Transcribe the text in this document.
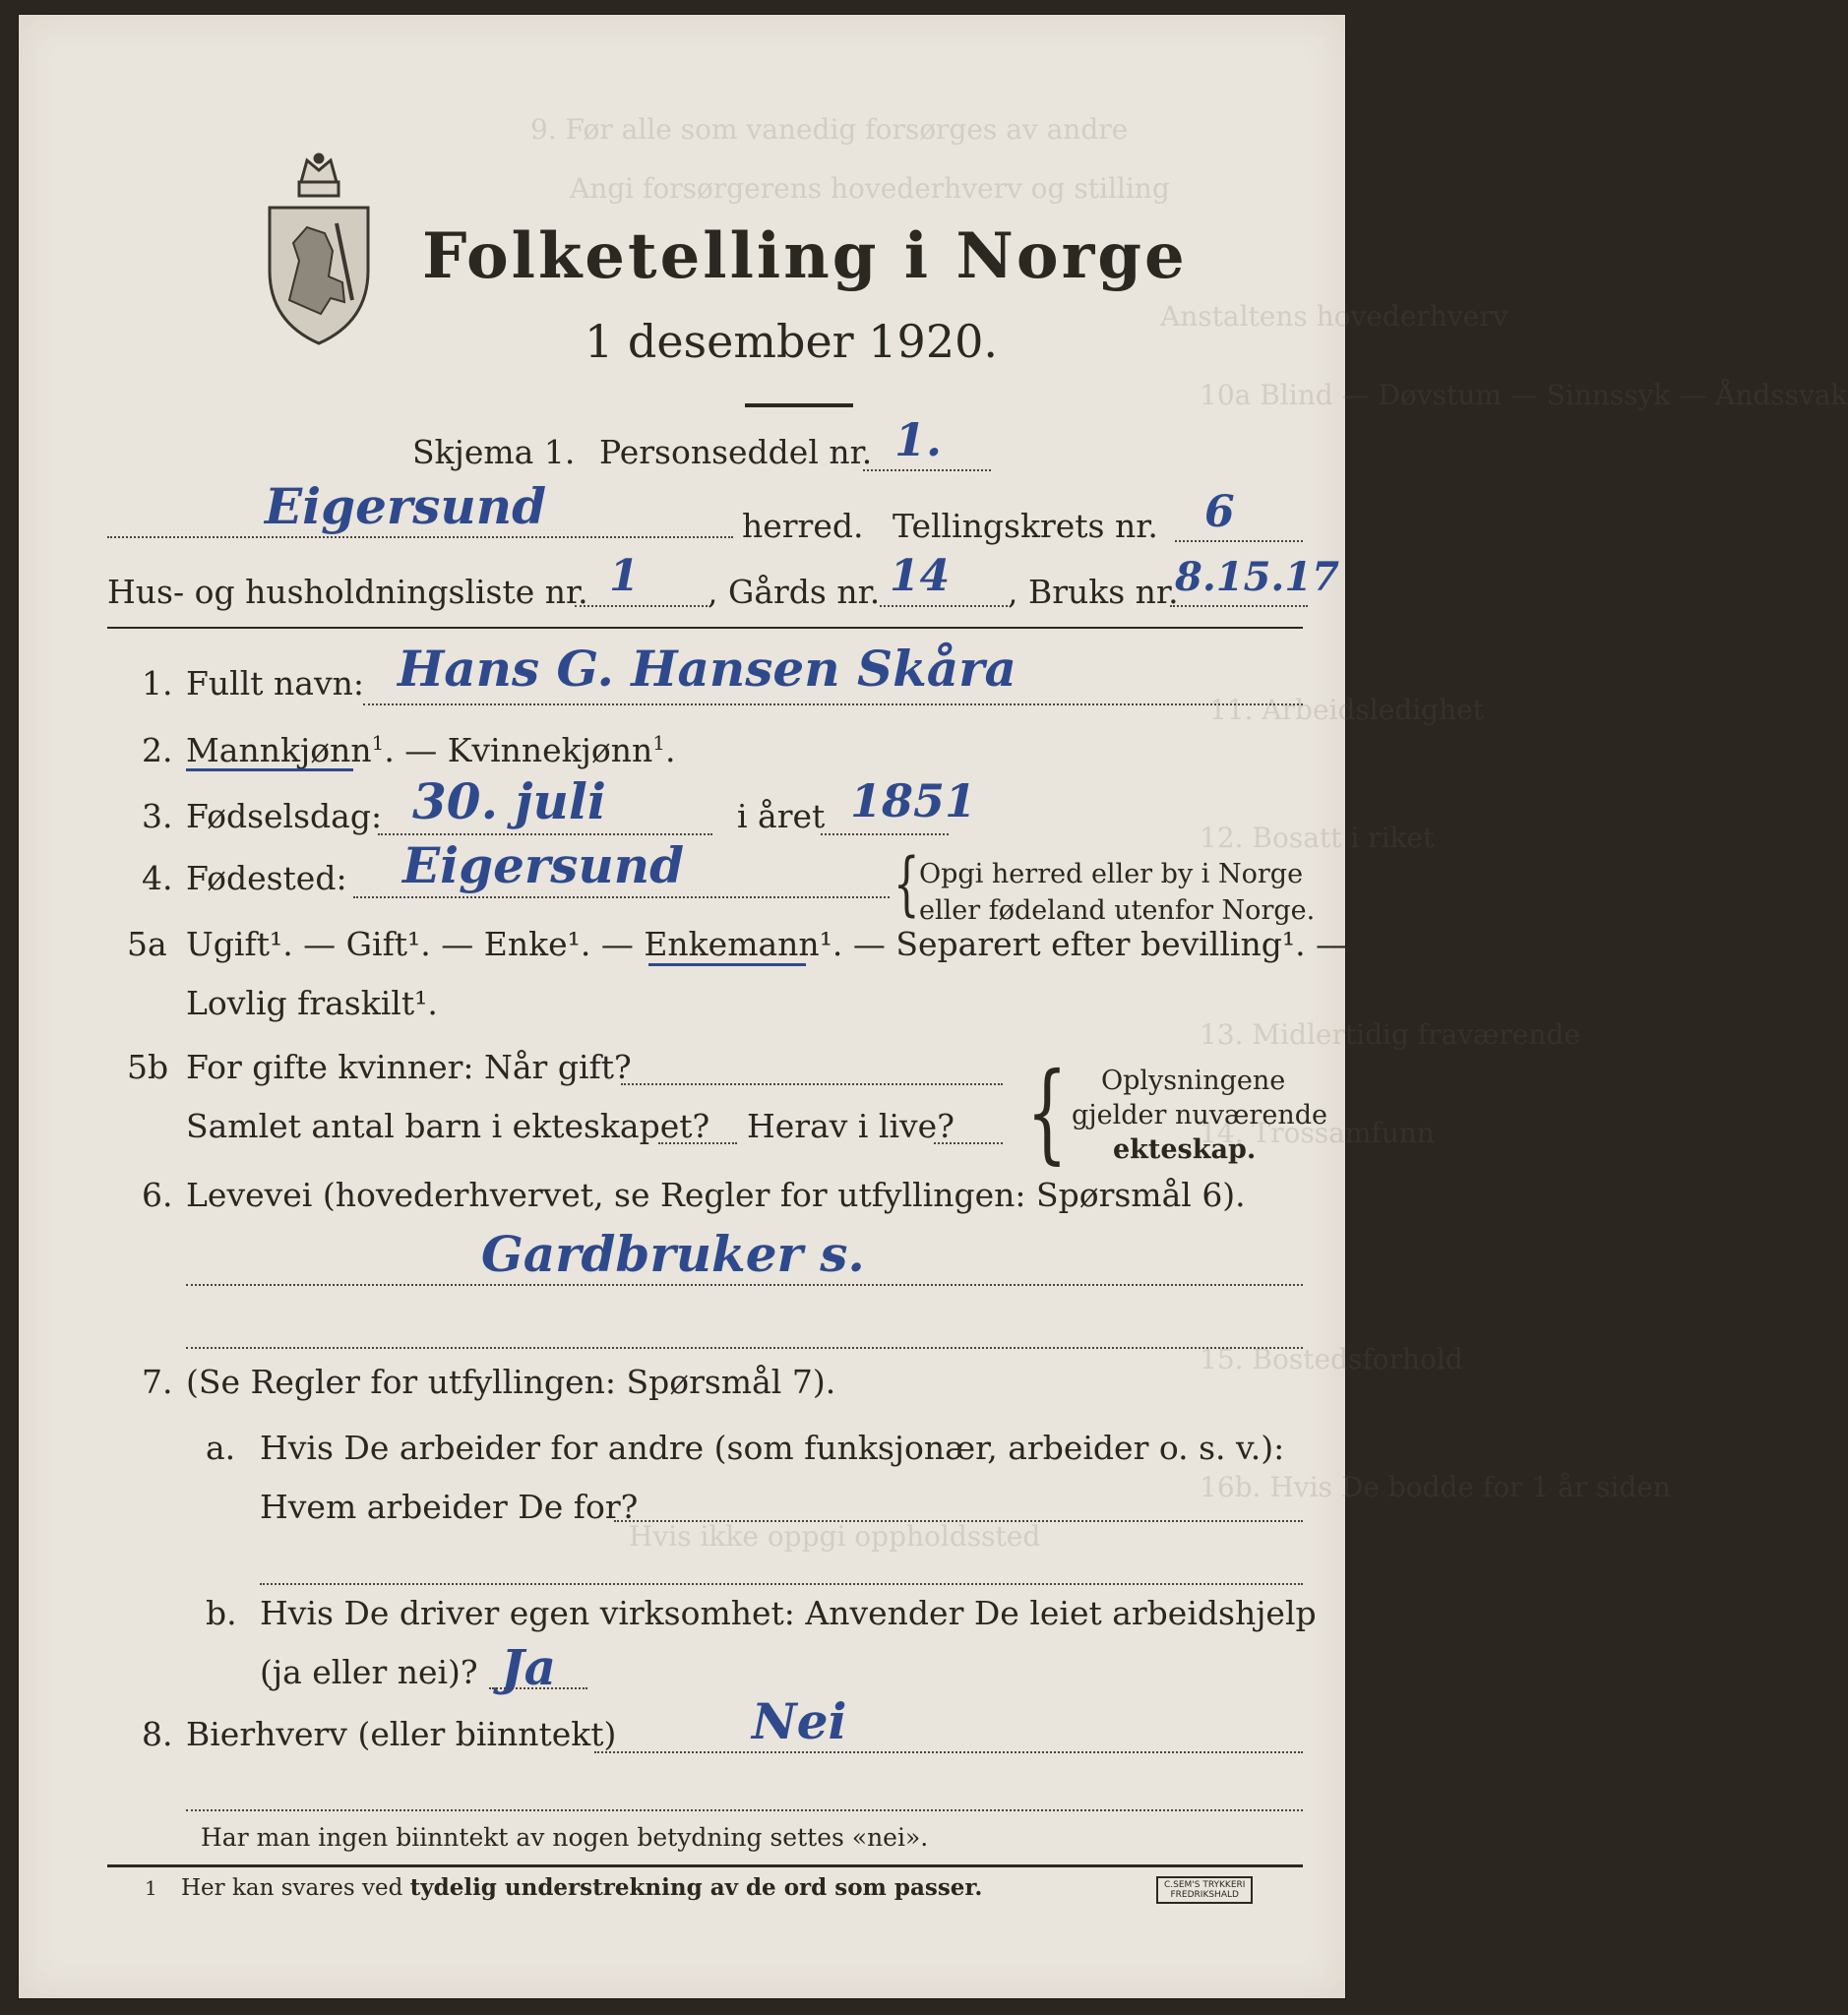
9. Før alle som vanedig forsørges av andre
Angi forsørgerens hovederhverv og stilling
Anstaltens hovederhverv
10a Blind — Døvstum — Sinnssyk — Åndssvak
11. Arbeidsledighet
12. Bosatt i riket
13. Midlertidig fraværende
14. Trossamfunn
15. Bostedsforhold
16b. Hvis De bodde for 1 år siden
Hvis ikke oppgi oppholdssted
Folketelling i Norge
1 desember 1920.
Skjema 1. Personseddel nr. 1.
Eigersund	herred. Tellingskrets nr. 6
Hus- og husholdningsliste nr. 1 , Gårds nr. 14 , Bruks nr.
8.15.17
1. Fullt navn: Hans G. Hansen Skåra
2. Mannkjønn$^1$. — Kvinnekjønn$^1$.
3. Fødselsdag: 30. juli	i året 1851
4. Fødested: Eigersund	{ Opgi herred eller by i Norge
eller fødeland utenfor Norge.
5a Ugift¹. — Gift¹. — Enke¹. — Enkemann¹. — Separert efter bevilling¹. —
Lovlig fraskilt¹.
5b For gifte kvinner: Når gift?
Samlet antal barn i ekteskapet? Herav i live? { Oplysningene
gjelder nuværende
ekteskap.
6. Levevei (hovederhvervet, se Regler for utfyllingen: Spørsmål 6).
Gardbruker s.
7. (Se Regler for utfyllingen: Spørsmål 7).
a. Hvis De arbeider for andre (som funksjonær, arbeider o. s. v.):
Hvem arbeider De for?
b. Hvis De driver egen virksomhet: Anvender De leiet arbeidshjelp
(ja eller nei)? Ja
8. Bierhverv (eller biinntekt)	Nei
Har man ingen biinntekt av nogen betydning settes «nei».
1 Her kan svares ved tydelig understrekning av de ord som passer.	C.SEM'S TRYKKERI
FREDRIKSHALD
